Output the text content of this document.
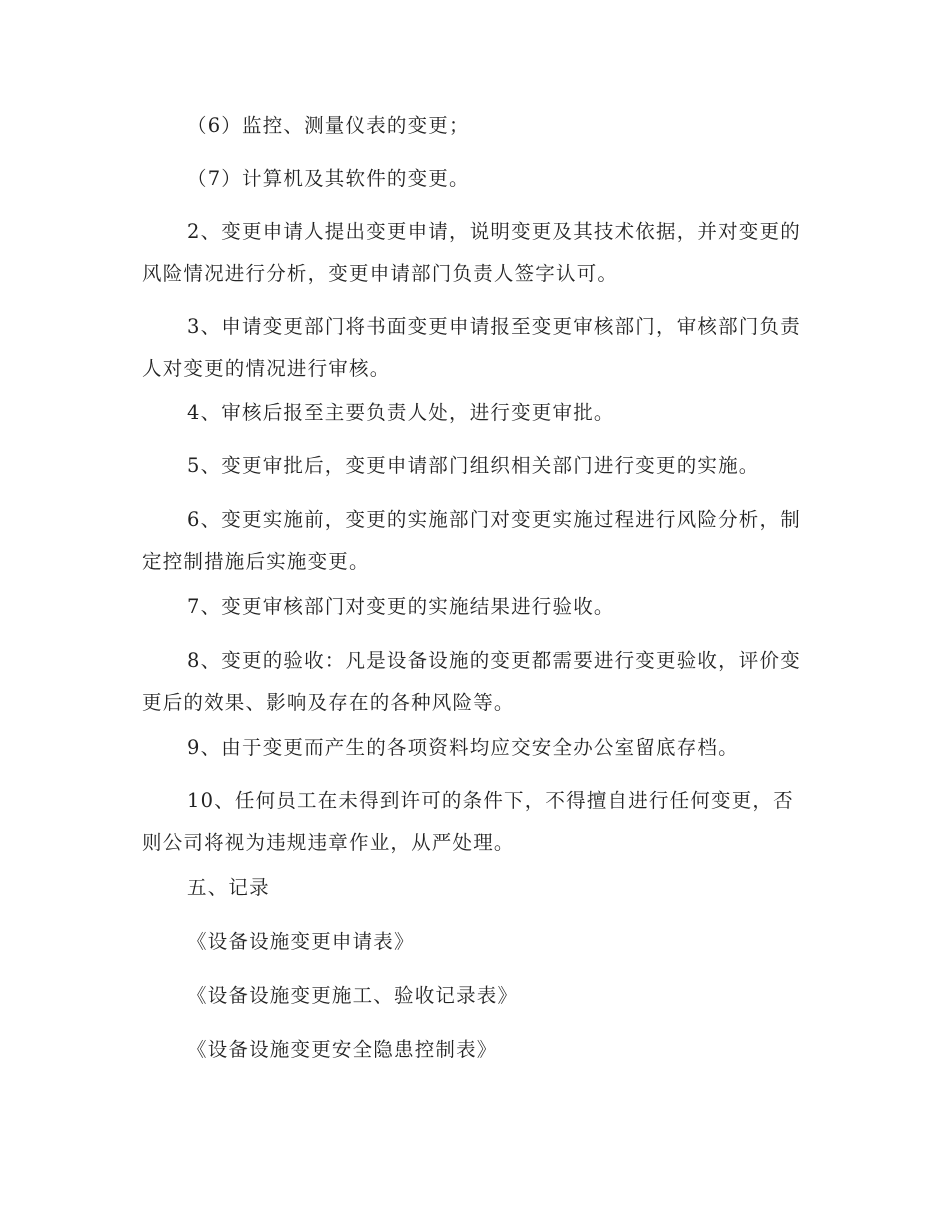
（6）监控、测量仪表的变更；

（7）计算机及其软件的变更。

2、变更申请人提出变更申请，说明变更及其技术依据，并对变更的风险情况进行分析，变更申请部门负责人签字认可。

3、申请变更部门将书面变更申请报至变更审核部门，审核部门负责人对变更的情况进行审核。

4、审核后报至主要负责人处，进行变更审批。

5、变更审批后，变更申请部门组织相关部门进行变更的实施。

6、变更实施前，变更的实施部门对变更实施过程进行风险分析，制定控制措施后实施变更。

7、变更审核部门对变更的实施结果进行验收。

8、变更的验收：凡是设备设施的变更都需要进行变更验收，评价变更后的效果、影响及存在的各种风险等。

9、由于变更而产生的各项资料均应交安全办公室留底存档。

10、任何员工在未得到许可的条件下，不得擅自进行任何变更，否则公司将视为违规违章作业，从严处理。

五、记录

《设备设施变更申请表》

《设备设施变更施工、验收记录表》

《设备设施变更安全隐患控制表》
